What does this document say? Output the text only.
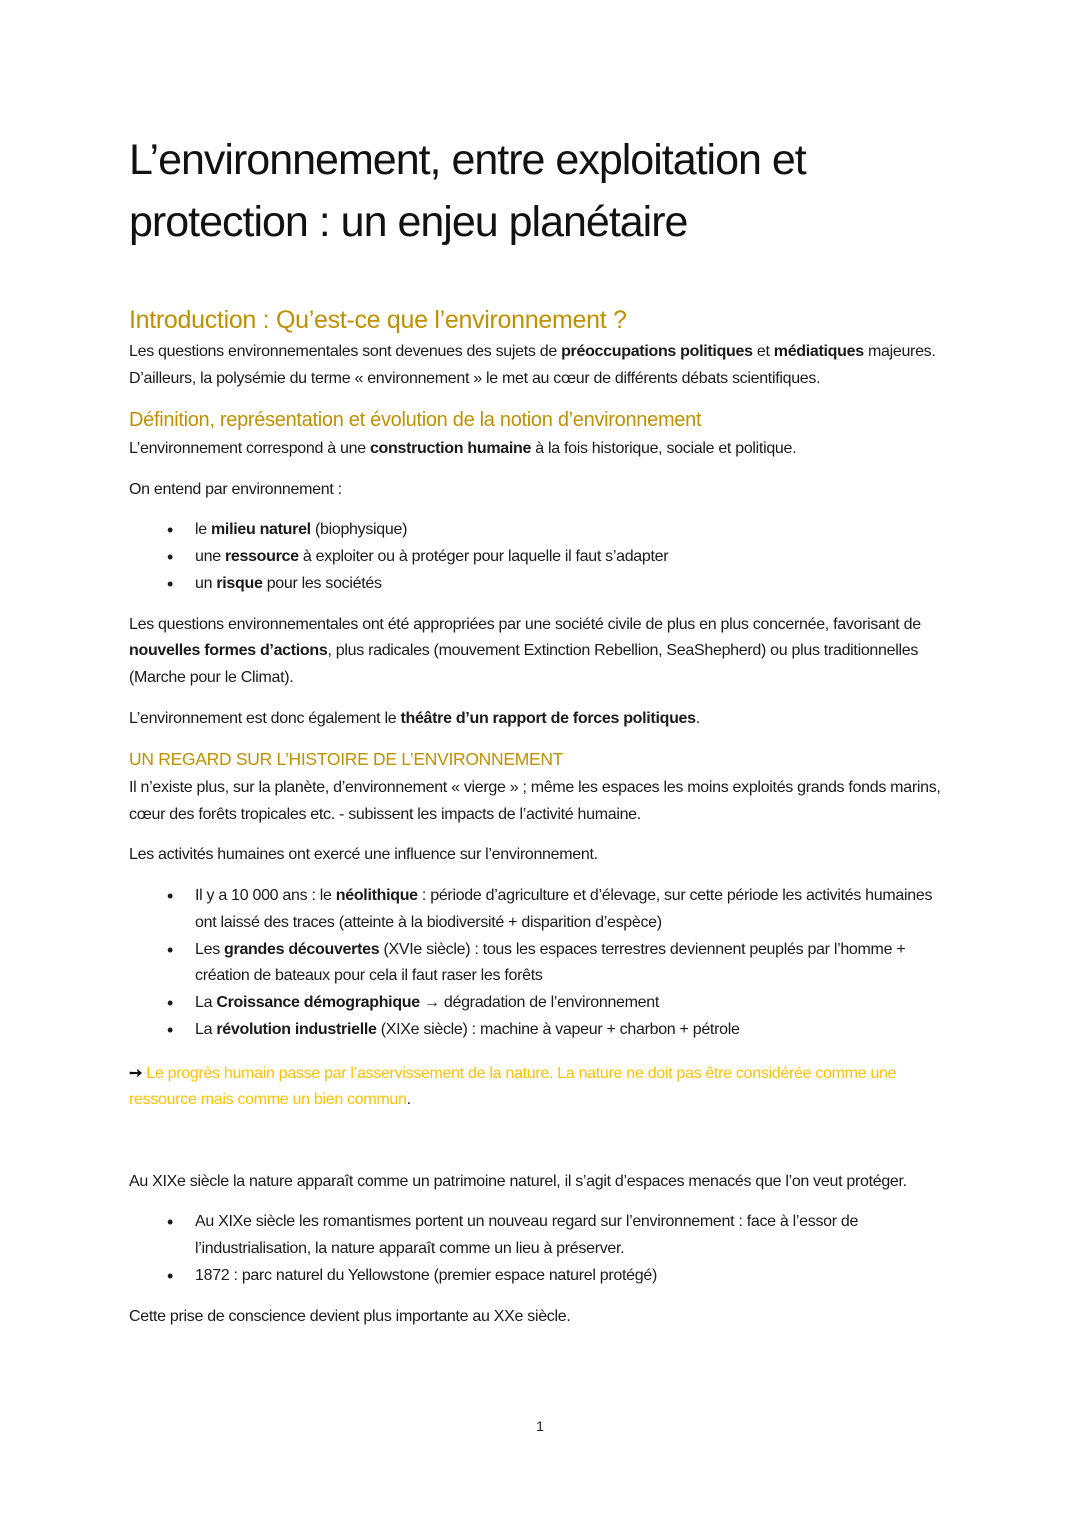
L’environnement, entre exploitation et
protection : un enjeu planétaire
Introduction : Qu’est-ce que l’environnement ?

Les questions environnementales sont devenues des sujets de préoccupations politiques et médiatiques majeures. D’ailleurs, la polysémie du terme « environnement » le met au cœur de différents débats scientifiques.

Définition, représentation et évolution de la notion d’environnement

L’environnement correspond à une construction humaine à la fois historique, sociale et politique.

On entend par environnement :

• le milieu naturel (biophysique)
• une ressource à exploiter ou à protéger pour laquelle il faut s’adapter
• un risque pour les sociétés

Les questions environnementales ont été appropriées par une société civile de plus en plus concernée, favorisant de nouvelles formes d’actions, plus radicales (mouvement Extinction Rebellion, SeaShepherd) ou plus traditionnelles (Marche pour le Climat).

L’environnement est donc également le théâtre d’un rapport de forces politiques.

UN REGARD SUR L’HISTOIRE DE L’ENVIRONNEMENT

Il n’existe plus, sur la planète, d’environnement « vierge » ; même les espaces les moins exploités grands fonds marins, cœur des forêts tropicales etc. - subissent les impacts de l’activité humaine.

Les activités humaines ont exercé une influence sur l’environnement.

• Il y a 10 000 ans : le néolithique : période d’agriculture et d’élevage, sur cette période les activités humaines ont laissé des traces (atteinte à la biodiversité + disparition d’espèce)
• Les grandes découvertes (XVIe siècle) : tous les espaces terrestres deviennent peuplés par l’homme + création de bateaux pour cela il faut raser les forêts
• La Croissance démographique → dégradation de l’environnement
• La révolution industrielle (XIXe siècle) : machine à vapeur + charbon + pétrole

➙ Le progrès humain passe par l’asservissement de la nature. La nature ne doit pas être considérée comme une ressource mais comme un bien commun.

Au XIXe siècle la nature apparaît comme un patrimoine naturel, il s’agit d’espaces menacés que l’on veut protéger.

• Au XIXe siècle les romantismes portent un nouveau regard sur l’environnement : face à l’essor de l’industrialisation, la nature apparaît comme un lieu à préserver.
• 1872 : parc naturel du Yellowstone (premier espace naturel protégé)

Cette prise de conscience devient plus importante au XXe siècle.

1
